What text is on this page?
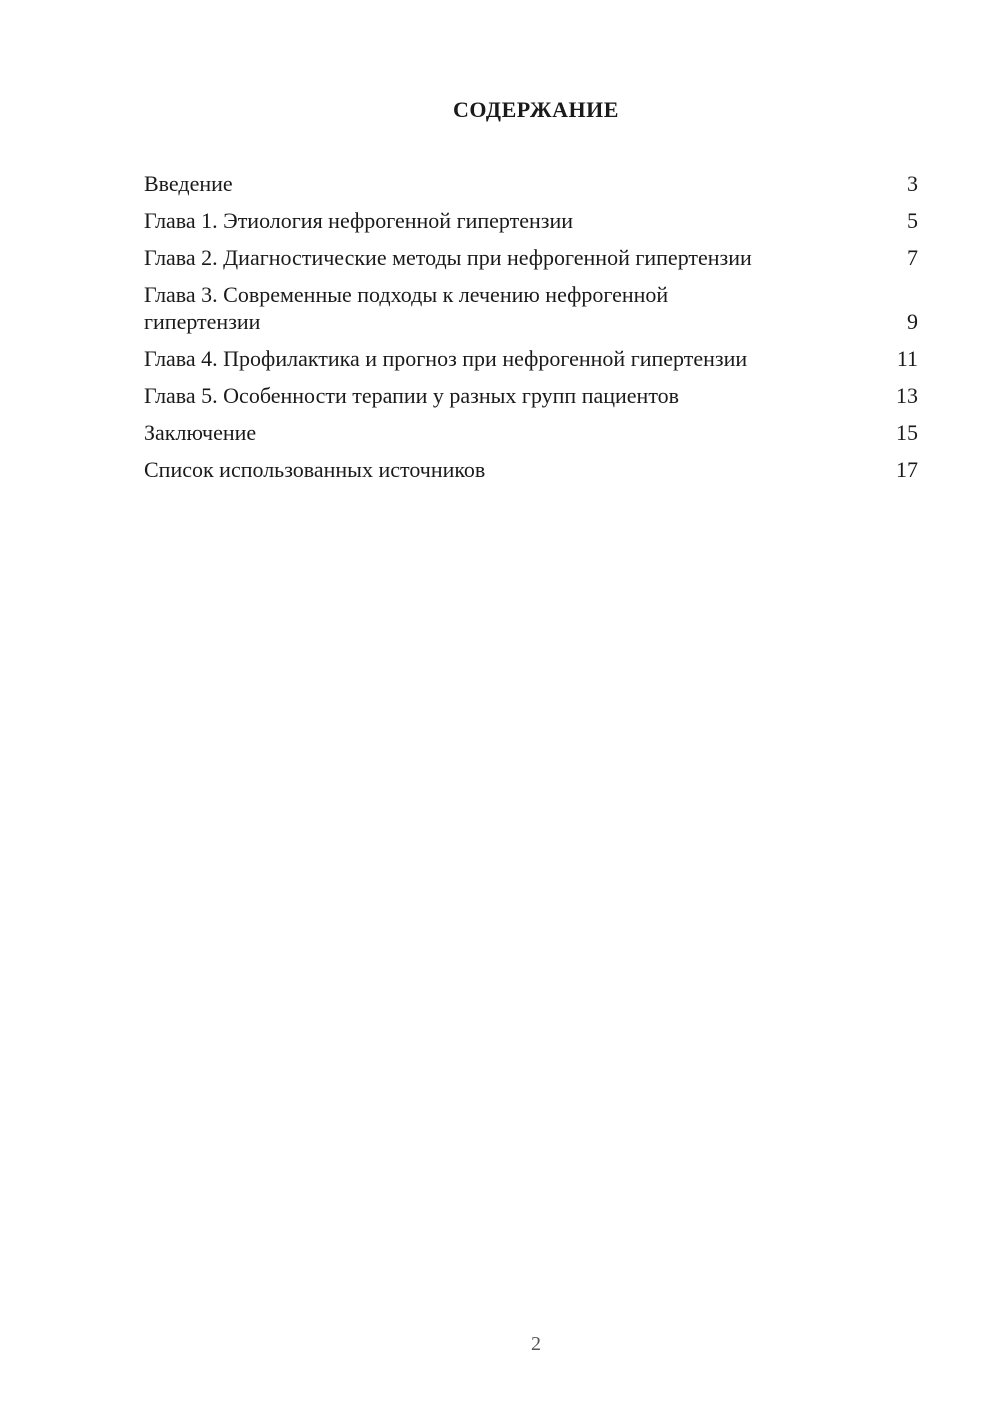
СОДЕРЖАНИЕ
Введение	3
Глава 1. Этиология нефрогенной гипертензии	5
Глава 2. Диагностические методы при нефрогенной гипертензии	7
Глава 3. Современные подходы к лечению нефрогенной гипертензии	9
Глава 4. Профилактика и прогноз при нефрогенной гипертензии	11
Глава 5. Особенности терапии у разных групп пациентов	13
Заключение	15
Список использованных источников	17
2
